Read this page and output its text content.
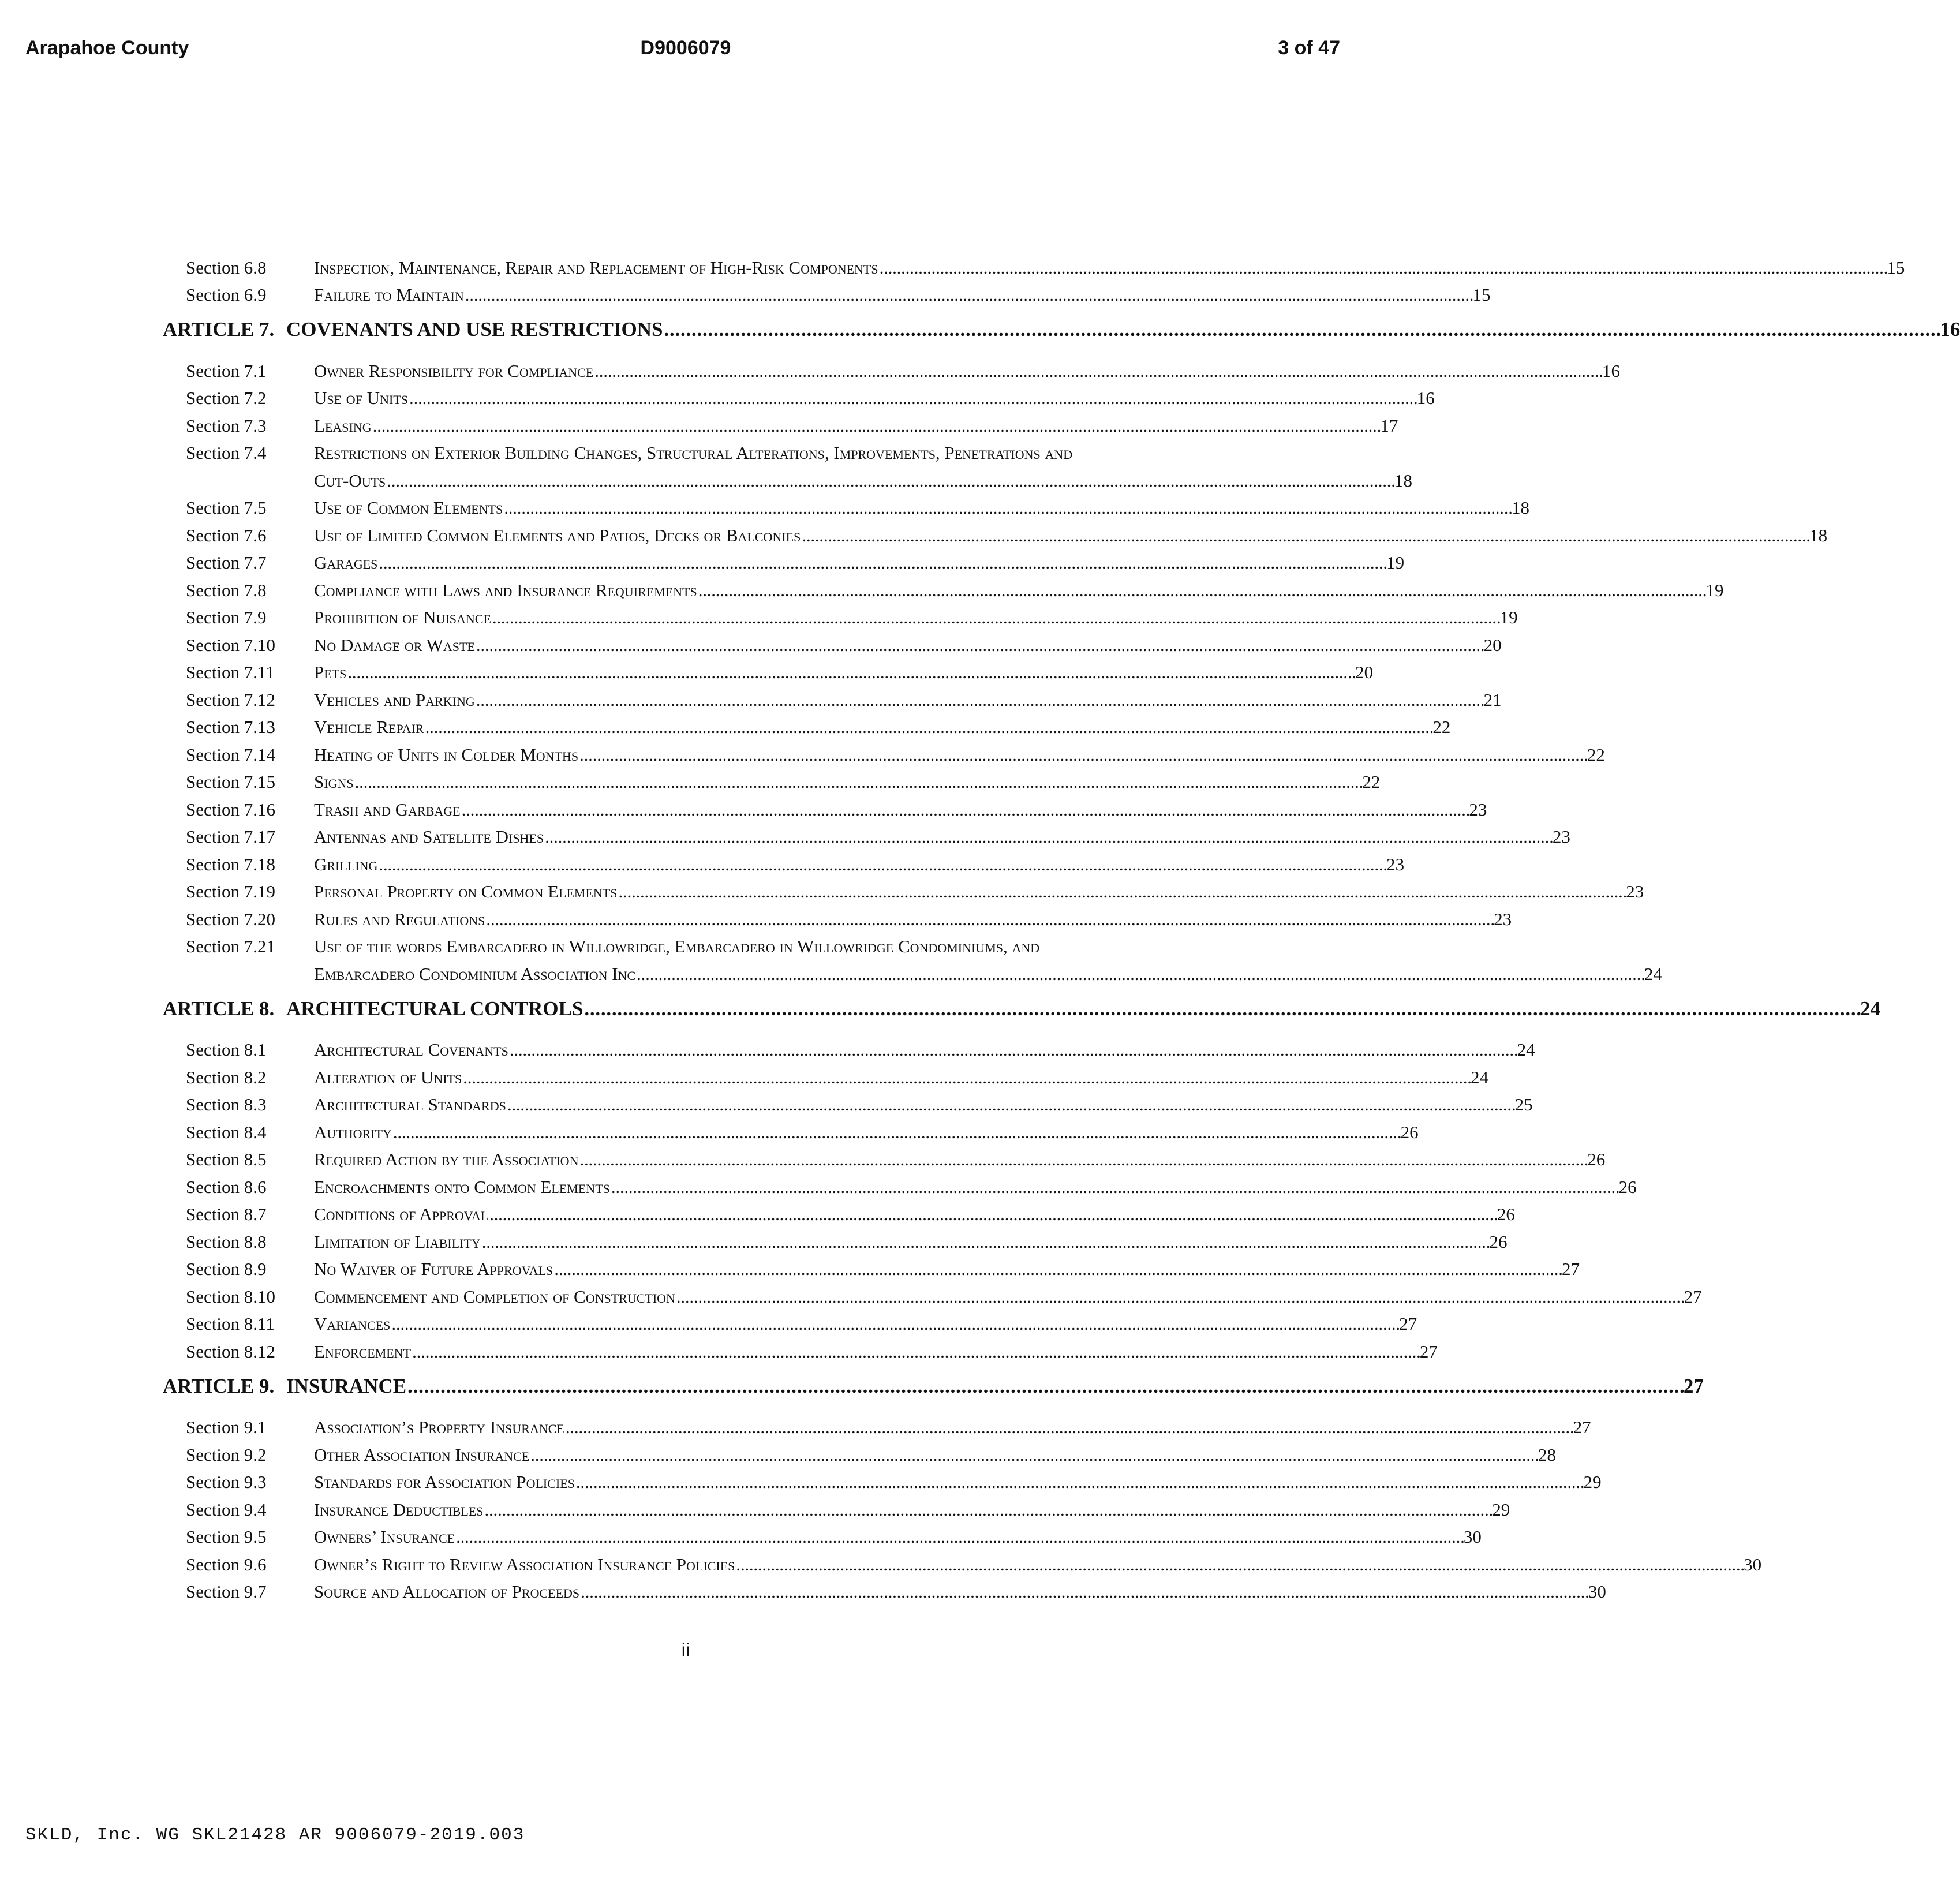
D9006079
Arapahoe County	3 of 47
Section 6.8	Inspection, Maintenance, Repair and Replacement of High-Risk Components . . .	15
Section 6.9	Failure to Maintain . . .	15
ARTICLE 7. COVENANTS AND USE RESTRICTIONS . . .	16
Section 7.1	Owner Responsibility for Compliance . . .	16
Section 7.2	Use of Units . . .	16
Section 7.3	Leasing . . .	17
Section 7.4	Restrictions on Exterior Building Changes, Structural Alterations, Improvements, Penetrations and
Cut-Outs . . .	18
Section 7.5	Use of Common Elements . . .	18
Section 7.6	Use of Limited Common Elements and Patios, Decks or Balconies . . .	18
Section 7.7	Garages . . .	19
Section 7.8	Compliance with Laws and Insurance Requirements . . .	19
Section 7.9	Prohibition of Nuisance . . .	19
Section 7.10	No Damage or Waste . . .	20
Section 7.11	Pets . . .	20
Section 7.12	Vehicles and Parking . . .	21
Section 7.13	Vehicle Repair . . .	22
Section 7.14	Heating of Units in Colder Months . . .	22
Section 7.15	Signs . . .	22
Section 7.16	Trash and Garbage . . .	23
Section 7.17	Antennas and Satellite Dishes . . .	23
Section 7.18	Grilling . . .	23
Section 7.19	Personal Property on Common Elements . . .	23
Section 7.20	Rules and Regulations . . .	23
Section 7.21	Use of the words Embarcadero in Willowridge, Embarcadero in Willowridge Condominiums, and
Embarcadero Condominium Association Inc . . .	24
ARTICLE 8. ARCHITECTURAL CONTROLS . . .	24
Section 8.1	Architectural Covenants . . .	24
Section 8.2	Alteration of Units . . .	24
Section 8.3	Architectural Standards . . .	25
Section 8.4	Authority . . .	26
Section 8.5	Required Action by the Association . . .	26
Section 8.6	Encroachments onto Common Elements . . .	26
Section 8.7	Conditions of Approval . . .	26
Section 8.8	Limitation of Liability . . .	26
Section 8.9	No Waiver of Future Approvals . . .	27
Section 8.10	Commencement and Completion of Construction . . .	27
Section 8.11	Variances . . .	27
Section 8.12	Enforcement . . .	27
ARTICLE 9. INSURANCE . . .	27
Section 9.1	Association’s Property Insurance . . .	27
Section 9.2	Other Association Insurance . . .	28
Section 9.3	Standards for Association Policies . . .	29
Section 9.4	Insurance Deductibles . . .	29
Section 9.5	Owners’ Insurance . . .	30
Section 9.6	Owner’s Right to Review Association Insurance Policies . . .	30
Section 9.7	Source and Allocation of Proceeds . . .	30
ii
SKLD, Inc. WG SKL21428 AR 9006079-2019.003
